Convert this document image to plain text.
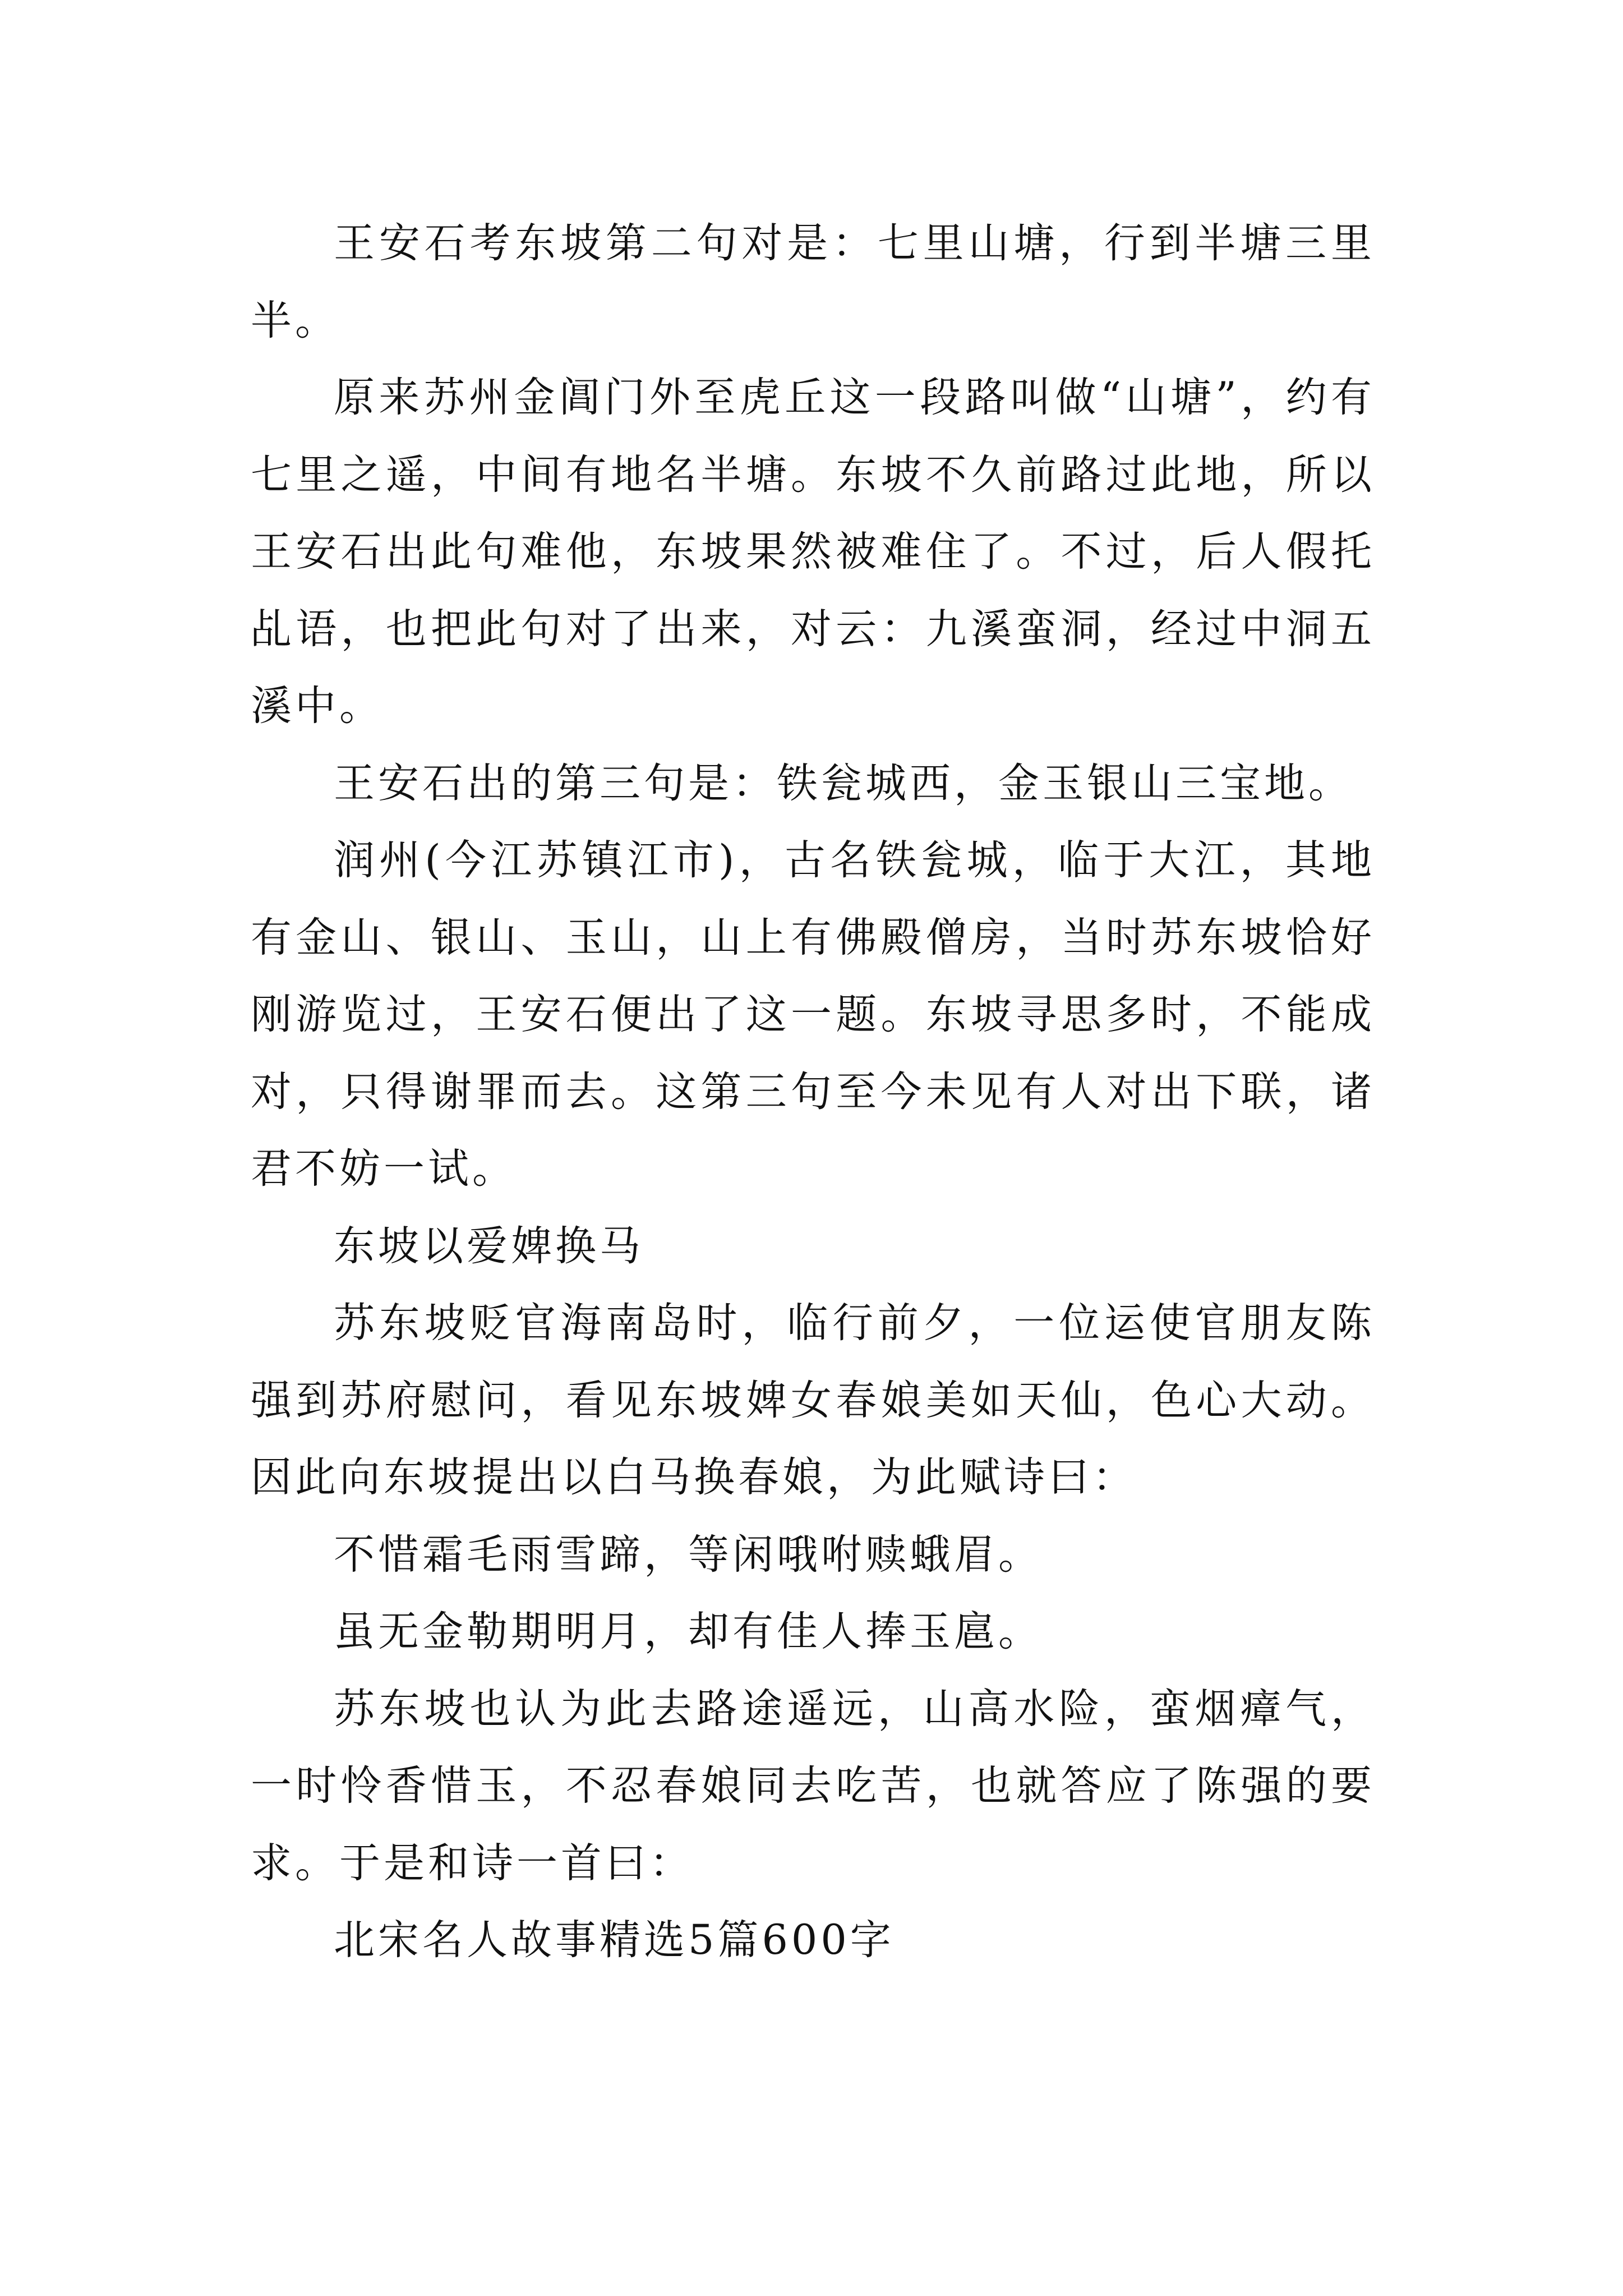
王安石考东坡第二句对是：七里山塘，行到半塘三里半。

原来苏州金阊门外至虎丘这一段路叫做“山塘”，约有七里之遥，中间有地名半塘。东坡不久前路过此地，所以王安石出此句难他，东坡果然被难住了。不过，后人假托乩语，也把此句对了出来，对云：九溪蛮洞，经过中洞五溪中。

王安石出的第三句是：铁瓮城西，金玉银山三宝地。

润州(今江苏镇江市)，古名铁瓮城，临于大江，其地有金山、银山、玉山，山上有佛殿僧房，当时苏东坡恰好刚游览过，王安石便出了这一题。东坡寻思多时，不能成对，只得谢罪而去。这第三句至今未见有人对出下联，诸君不妨一试。

东坡以爱婢换马

苏东坡贬官海南岛时，临行前夕，一位运使官朋友陈强到苏府慰问，看见东坡婢女春娘美如天仙，色心大动。因此向东坡提出以白马换春娘，为此赋诗曰：

不惜霜毛雨雪蹄，等闲哦咐赎蛾眉。

虽无金勒期明月，却有佳人捧玉扈。

苏东坡也认为此去路途遥远，山高水险，蛮烟瘴气，一时怜香惜玉，不忍春娘同去吃苦，也就答应了陈强的要求。于是和诗一首曰：

北宋名人故事精选5篇600字
